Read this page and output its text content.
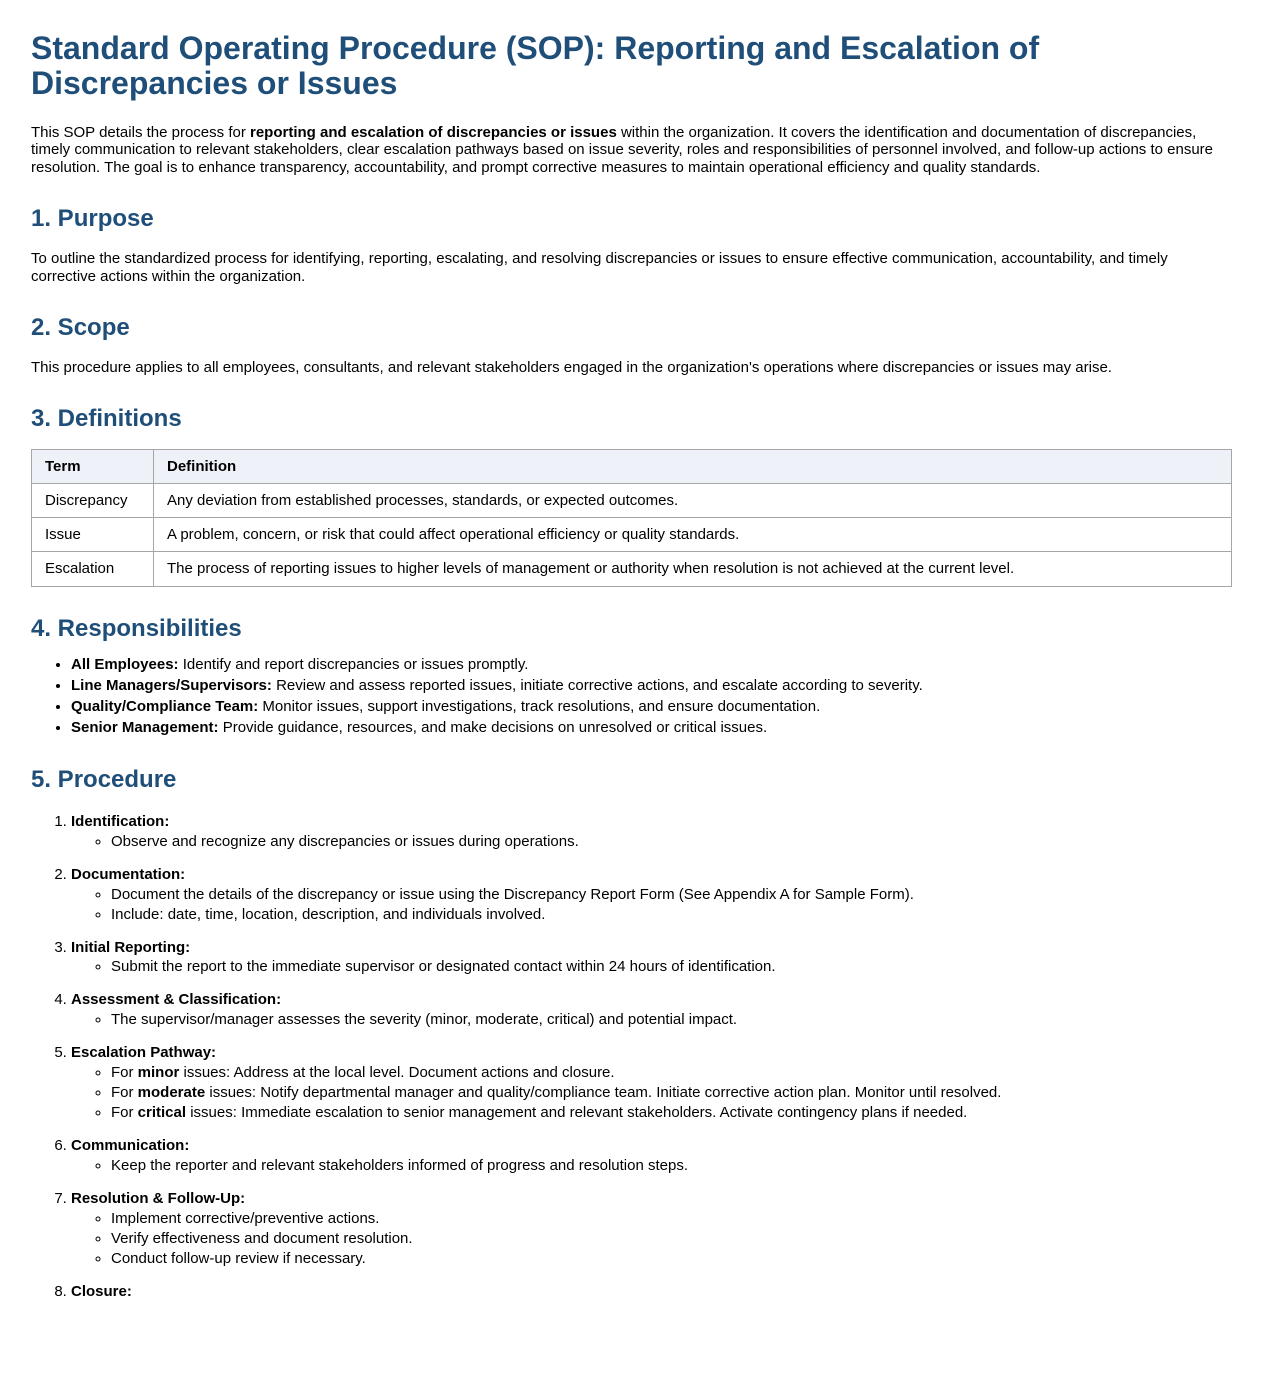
Standard Operating Procedure (SOP): Reporting and Escalation of Discrepancies or Issues

This SOP details the process for reporting and escalation of discrepancies or issues within the organization. It covers the identification and documentation of discrepancies, timely communication to relevant stakeholders, clear escalation pathways based on issue severity, roles and responsibilities of personnel involved, and follow-up actions to ensure resolution. The goal is to enhance transparency, accountability, and prompt corrective measures to maintain operational efficiency and quality standards.

1. Purpose

To outline the standardized process for identifying, reporting, escalating, and resolving discrepancies or issues to ensure effective communication, accountability, and timely corrective actions within the organization.

2. Scope

This procedure applies to all employees, consultants, and relevant stakeholders engaged in the organization's operations where discrepancies or issues may arise.

3. Definitions
Term	Definition
Discrepancy	Any deviation from established processes, standards, or expected outcomes.
Issue	A problem, concern, or risk that could affect operational efficiency or quality standards.
Escalation	The process of reporting issues to higher levels of management or authority when resolution is not achieved at the current level.
4. Responsibilities
• All Employees: Identify and report discrepancies or issues promptly.
• Line Managers/Supervisors: Review and assess reported issues, initiate corrective actions, and escalate according to severity.
• Quality/Compliance Team: Monitor issues, support investigations, track resolutions, and ensure documentation.
• Senior Management: Provide guidance, resources, and make decisions on unresolved or critical issues.
5. Procedure
1. Identification:
◦ Observe and recognize any discrepancies or issues during operations.
2. Documentation:
◦ Document the details of the discrepancy or issue using the Discrepancy Report Form (See Appendix A for Sample Form).
◦ Include: date, time, location, description, and individuals involved.
3. Initial Reporting:
◦ Submit the report to the immediate supervisor or designated contact within 24 hours of identification.
4. Assessment & Classification:
◦ The supervisor/manager assesses the severity (minor, moderate, critical) and potential impact.
5. Escalation Pathway:
◦ For minor issues: Address at the local level. Document actions and closure.
◦ For moderate issues: Notify departmental manager and quality/compliance team. Initiate corrective action plan. Monitor until resolved.
◦ For critical issues: Immediate escalation to senior management and relevant stakeholders. Activate contingency plans if needed.
6. Communication:
◦ Keep the reporter and relevant stakeholders informed of progress and resolution steps.
7. Resolution & Follow-Up:
◦ Implement corrective/preventive actions.
◦ Verify effectiveness and document resolution.
◦ Conduct follow-up review if necessary.
8. Closure:
